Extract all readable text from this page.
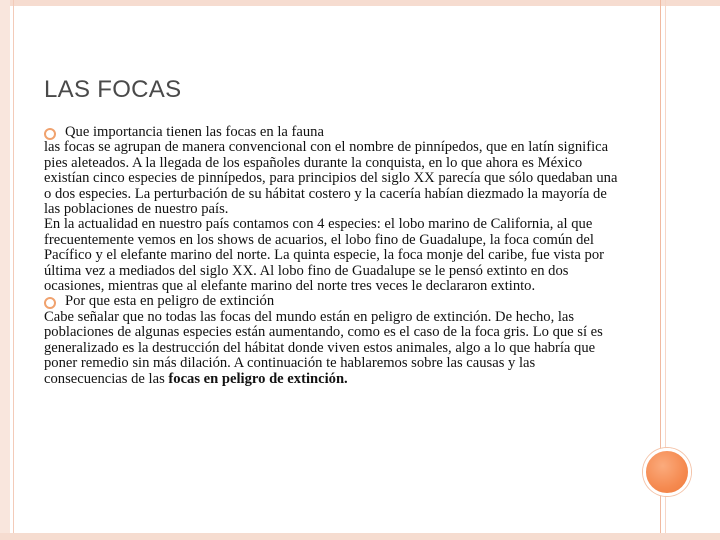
LAS FOCAS

Que importancia tienen las focas en la fauna

las focas se agrupan de manera convencional con el nombre de pinnípedos, que en latín significa pies aleteados. A la llegada de los españoles durante la conquista, en lo que ahora es México existían cinco especies de pinnípedos, para principios del siglo XX parecía que sólo quedaban una o dos especies. La perturbación de su hábitat costero y la cacería habían diezmado la mayoría de las poblaciones de nuestro país.

En la actualidad en nuestro país contamos con 4 especies: el lobo marino de California, al que frecuentemente vemos en los shows de acuarios, el lobo fino de Guadalupe, la foca común del Pacífico y el elefante marino del norte. La quinta especie, la foca monje del caribe, fue vista por última vez a mediados del siglo XX. Al lobo fino de Guadalupe se le pensó extinto en dos ocasiones, mientras que al elefante marino del norte tres veces le declararon extinto.

Por que esta en peligro de extinción

Cabe señalar que no todas las focas del mundo están en peligro de extinción. De hecho, las poblaciones de algunas especies están aumentando, como es el caso de la foca gris. Lo que sí es generalizado es la destrucción del hábitat donde viven estos animales, algo a lo que habría que poner remedio sin más dilación. A continuación te hablaremos sobre las causas y las consecuencias de las focas en peligro de extinción.
